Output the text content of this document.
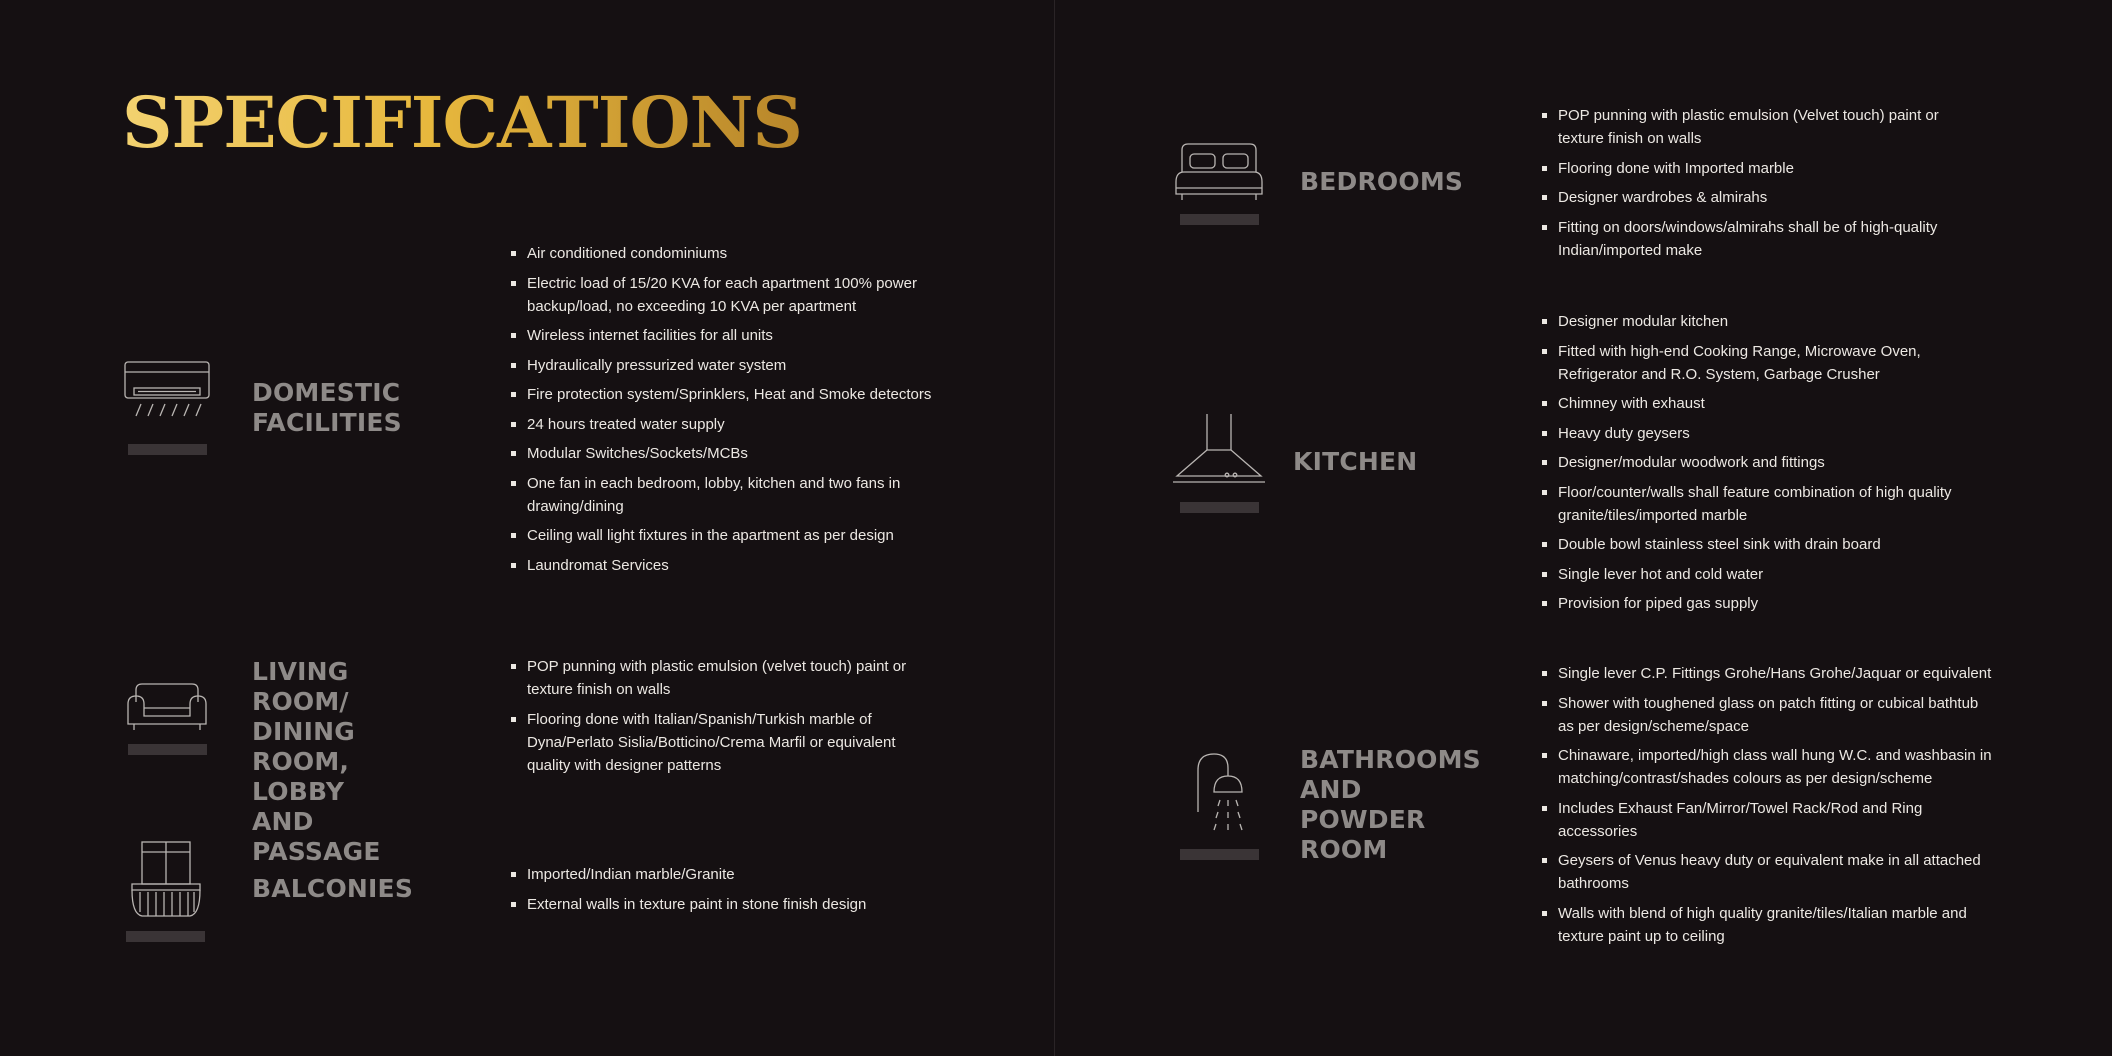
SPECIFICATIONS
DOMESTIC
FACILITIES
Air conditioned condominiums
Electric load of 15/20 KVA for each apartment 100% power backup/load, no exceeding 10 KVA per apartment
Wireless internet facilities for all units
Hydraulically pressurized water system
Fire protection system/Sprinklers, Heat and Smoke detectors
24 hours treated water supply
Modular Switches/Sockets/MCBs
One fan in each bedroom, lobby, kitchen and two fans in drawing/dining
Ceiling wall light fixtures in the apartment as per design
Laundromat Services
LIVING ROOM/
DINING ROOM,
LOBBY AND
PASSAGE
POP punning with plastic emulsion (velvet touch) paint or texture finish on walls
Flooring done with Italian/Spanish/Turkish marble of Dyna/Perlato Sislia/Botticino/Crema Marfil or equivalent quality with designer patterns
BALCONIES	Imported/Indian marble/Granite
External walls in texture paint in stone finish design
BEDROOMS
POP punning with plastic emulsion (Velvet touch) paint or texture finish on walls
Flooring done with Imported marble
Designer wardrobes & almirahs
Fitting on doors/windows/almirahs shall be of high-quality Indian/imported make
KITCHEN
Designer modular kitchen
Fitted with high-end Cooking Range, Microwave Oven, Refrigerator and R.O. System, Garbage Crusher
Chimney with exhaust
Heavy duty geysers
Designer/modular woodwork and fittings
Floor/counter/walls shall feature combination of high quality granite/tiles/imported marble
Double bowl stainless steel sink with drain board
Single lever hot and cold water
Provision for piped gas supply
BATHROOMS
AND
POWDER
ROOM
Single lever C.P. Fittings Grohe/Hans Grohe/Jaquar or equivalent
Shower with toughened glass on patch fitting or cubical bathtub as per design/scheme/space
Chinaware, imported/high class wall hung W.C. and washbasin in matching/contrast/shades colours as per design/scheme
Includes Exhaust Fan/Mirror/Towel Rack/Rod and Ring accessories
Geysers of Venus heavy duty or equivalent make in all attached bathrooms
Walls with blend of high quality granite/tiles/Italian marble and texture paint up to ceiling
